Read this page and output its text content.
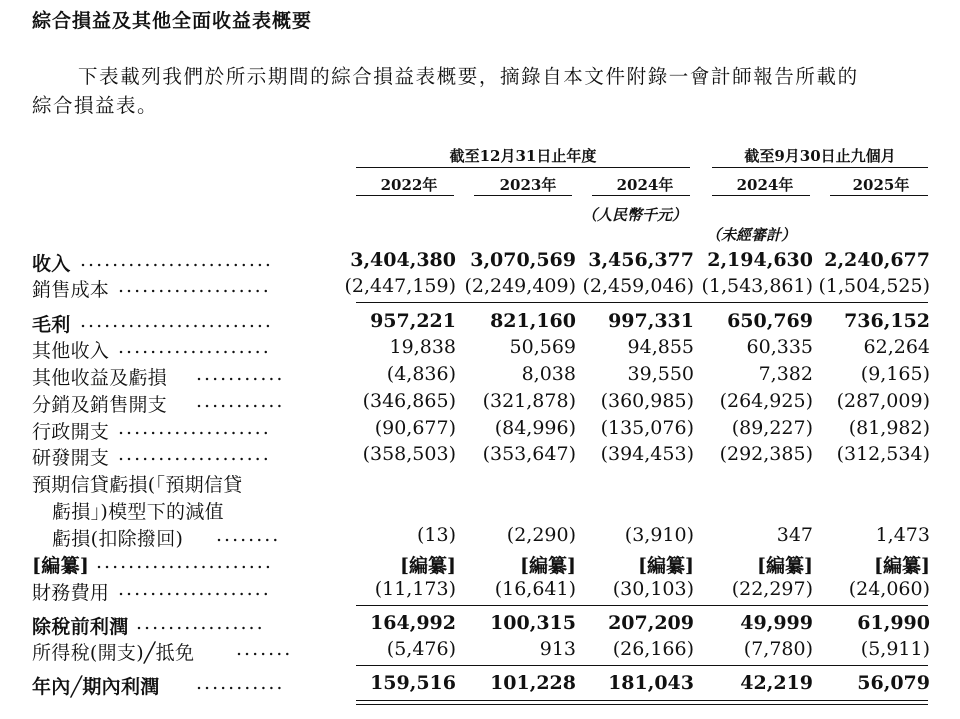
綜合損益及其他全面收益表概要
下表載列我們於所示期間的綜合損益表概要，摘錄自本文件附錄一會計師報告所載的
綜合損益表。
截至12月31日止年度	截至9月30日止九個月
2022年	2023年	2024年	2024年	2025年
（人民幣千元）
（未經審計）
收入 ........................	3,404,380 3,070,569 3,456,377 2,194,630 2,240,677
銷售成本 ...................	(2,447,159) (2,249,409) (2,459,046) (1,543,861) (1,504,525)
毛利 ........................	957,221	821,160	997,331	650,769	736,152
其他收入 ...................	19,838	50,569	94,855	60,335	62,264
其他收益及虧損 ...........	(4,836)	8,038	39,550	7,382	(9,165)
分銷及銷售開支 ...........	(346,865)	(321,878)	(360,985)	(264,925)	(287,009)
行政開支 ...................	(90,677)	(84,996)	(135,076)	(89,227)	(81,982)
研發開支 ...................	(358,503)	(353,647)	(394,453)	(292,385)	(312,534)
預期信貸虧損(「預期信貸
虧損」)模型下的減值
虧損(扣除撥回) ........	(13)	(2,290)	(3,910)	347	1,473
[編纂] ......................	[編纂]	[編纂]	[編纂]	[編纂]	[編纂]
財務費用 ...................	(11,173)	(16,641)	(30,103)	(22,297)	(24,060)
除稅前利潤 ................	164,992	100,315	207,209	49,999	61,990
所得稅(開支)╱抵免 .......	(5,476)	913	(26,166)	(7,780)	(5,911)
年內╱期內利潤 ...........	159,516	101,228	181,043	42,219	56,079
